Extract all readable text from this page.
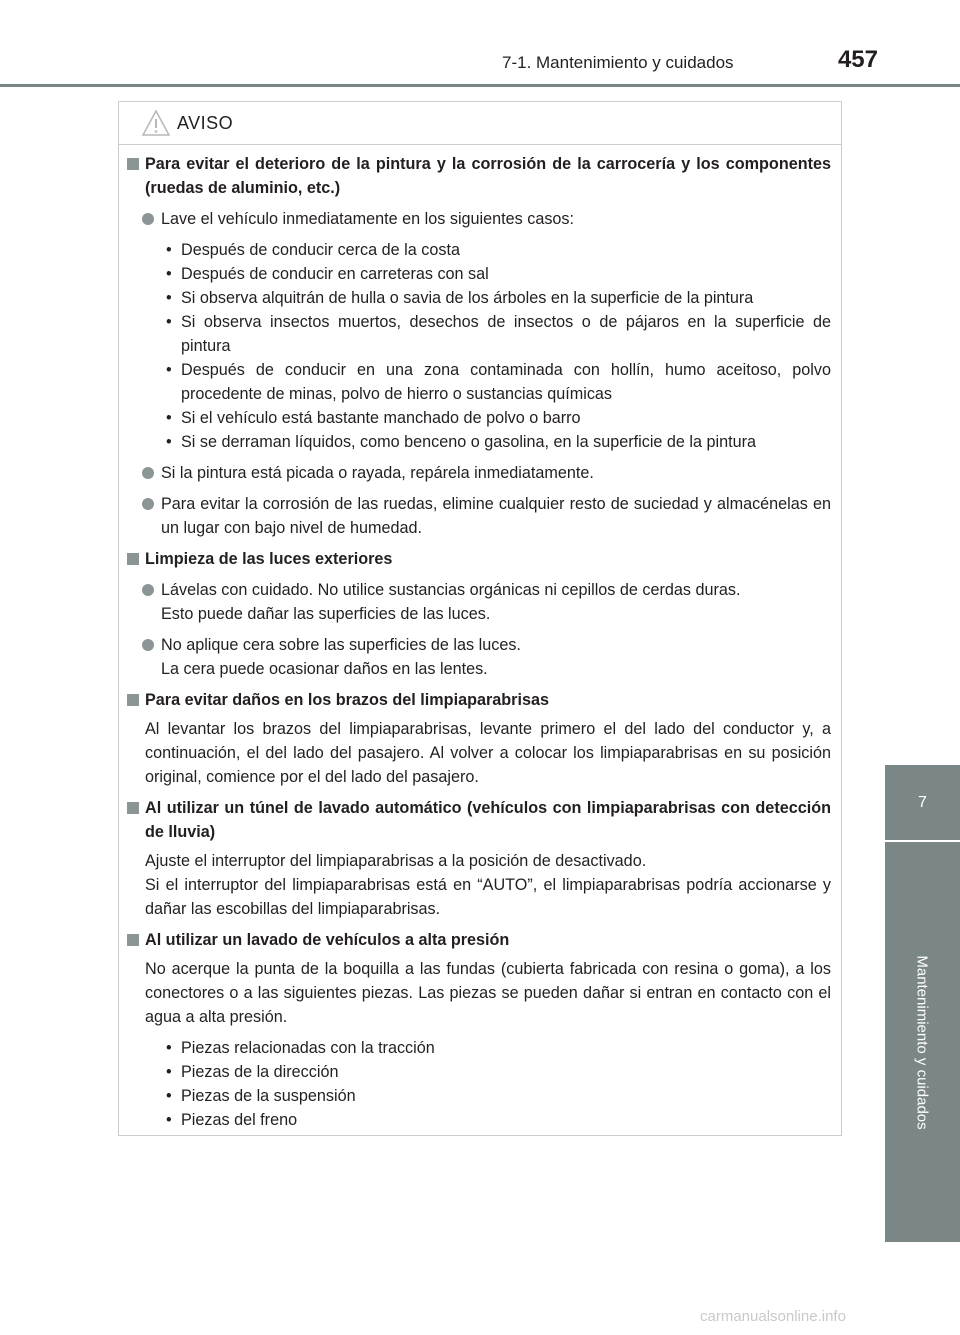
7-1. Mantenimiento y cuidados	457
7
Mantenimiento y cuidados
AVISO
Para evitar el deterioro de la pintura y la corrosión de la carrocería y los componentes (ruedas de aluminio, etc.)
Lave el vehículo inmediatamente en los siguientes casos:
• Después de conducir cerca de la costa
• Después de conducir en carreteras con sal
• Si observa alquitrán de hulla o savia de los árboles en la superficie de la pintura
• Si observa insectos muertos, desechos de insectos o de pájaros en la superficie de pintura
• Después de conducir en una zona contaminada con hollín, humo aceitoso, polvo procedente de minas, polvo de hierro o sustancias químicas
• Si el vehículo está bastante manchado de polvo o barro
• Si se derraman líquidos, como benceno o gasolina, en la superficie de la pintura
Si la pintura está picada o rayada, repárela inmediatamente.
Para evitar la corrosión de las ruedas, elimine cualquier resto de suciedad y almacénelas en un lugar con bajo nivel de humedad.
Limpieza de las luces exteriores
Lávelas con cuidado. No utilice sustancias orgánicas ni cepillos de cerdas duras.
Esto puede dañar las superficies de las luces.
No aplique cera sobre las superficies de las luces.
La cera puede ocasionar daños en las lentes.
Para evitar daños en los brazos del limpiaparabrisas
Al levantar los brazos del limpiaparabrisas, levante primero el del lado del conductor y, a continuación, el del lado del pasajero. Al volver a colocar los limpiaparabrisas en su posición original, comience por el del lado del pasajero.
Al utilizar un túnel de lavado automático (vehículos con limpiaparabrisas con detección de lluvia)
Ajuste el interruptor del limpiaparabrisas a la posición de desactivado.
Si el interruptor del limpiaparabrisas está en “AUTO”, el limpiaparabrisas podría accionarse y dañar las escobillas del limpiaparabrisas.
Al utilizar un lavado de vehículos a alta presión
No acerque la punta de la boquilla a las fundas (cubierta fabricada con resina o goma), a los conectores o a las siguientes piezas. Las piezas se pueden dañar si entran en contacto con el agua a alta presión.
• Piezas relacionadas con la tracción
• Piezas de la dirección
• Piezas de la suspensión
• Piezas del freno
carmanualsonline.info
